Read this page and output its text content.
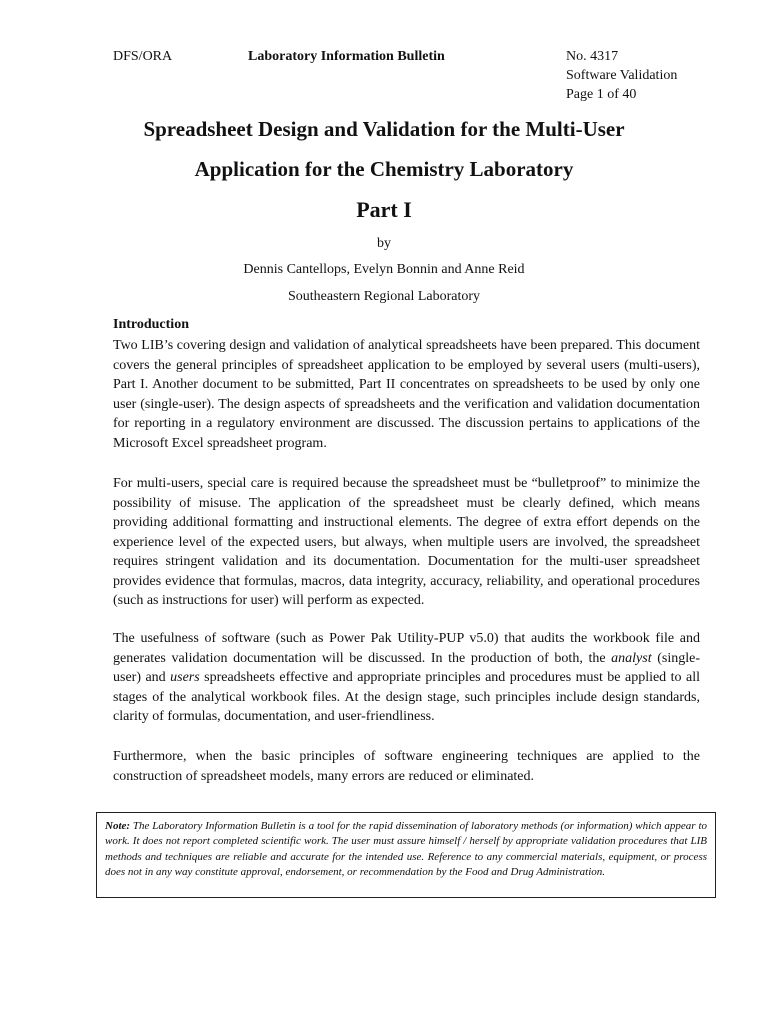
DFS/ORA	Laboratory Information Bulletin	No. 4317
Software Validation
Page 1 of 40
Spreadsheet Design and Validation for the Multi-User
Application for the Chemistry Laboratory
Part I
by
Dennis Cantellops, Evelyn Bonnin and Anne Reid
Southeastern Regional Laboratory
Introduction

Two LIB’s covering design and validation of analytical spreadsheets have been prepared. This document covers the general principles of spreadsheet application to be employed by several users (multi-users), Part I. Another document to be submitted, Part II concentrates on spreadsheets to be used by only one user (single-user). The design aspects of spreadsheets and the verification and validation documentation for reporting in a regulatory environment are discussed. The discussion pertains to applications of the Microsoft Excel spreadsheet program.

For multi-users, special care is required because the spreadsheet must be “bulletproof” to minimize the possibility of misuse. The application of the spreadsheet must be clearly defined, which means providing additional formatting and instructional elements. The degree of extra effort depends on the experience level of the expected users, but always, when multiple users are involved, the spreadsheet requires stringent validation and its documentation. Documentation for the multi-user spreadsheet provides evidence that formulas, macros, data integrity, accuracy, reliability, and operational procedures (such as instructions for user) will perform as expected.

The usefulness of software (such as Power Pak Utility-PUP v5.0) that audits the workbook file and generates validation documentation will be discussed. In the production of both, the analyst (single-user) and users spreadsheets effective and appropriate principles and procedures must be applied to all stages of the analytical workbook files. At the design stage, such principles include design standards, clarity of formulas, documentation, and user-friendliness.

Furthermore, when the basic principles of software engineering techniques are applied to the construction of spreadsheet models, many errors are reduced or eliminated.

Note: The Laboratory Information Bulletin is a tool for the rapid dissemination of laboratory methods (or information) which appear to work. It does not report completed scientific work. The user must assure himself / herself by appropriate validation procedures that LIB methods and techniques are reliable and accurate for the intended use. Reference to any commercial materials, equipment, or process does not in any way constitute approval, endorsement, or recommendation by the Food and Drug Administration.
